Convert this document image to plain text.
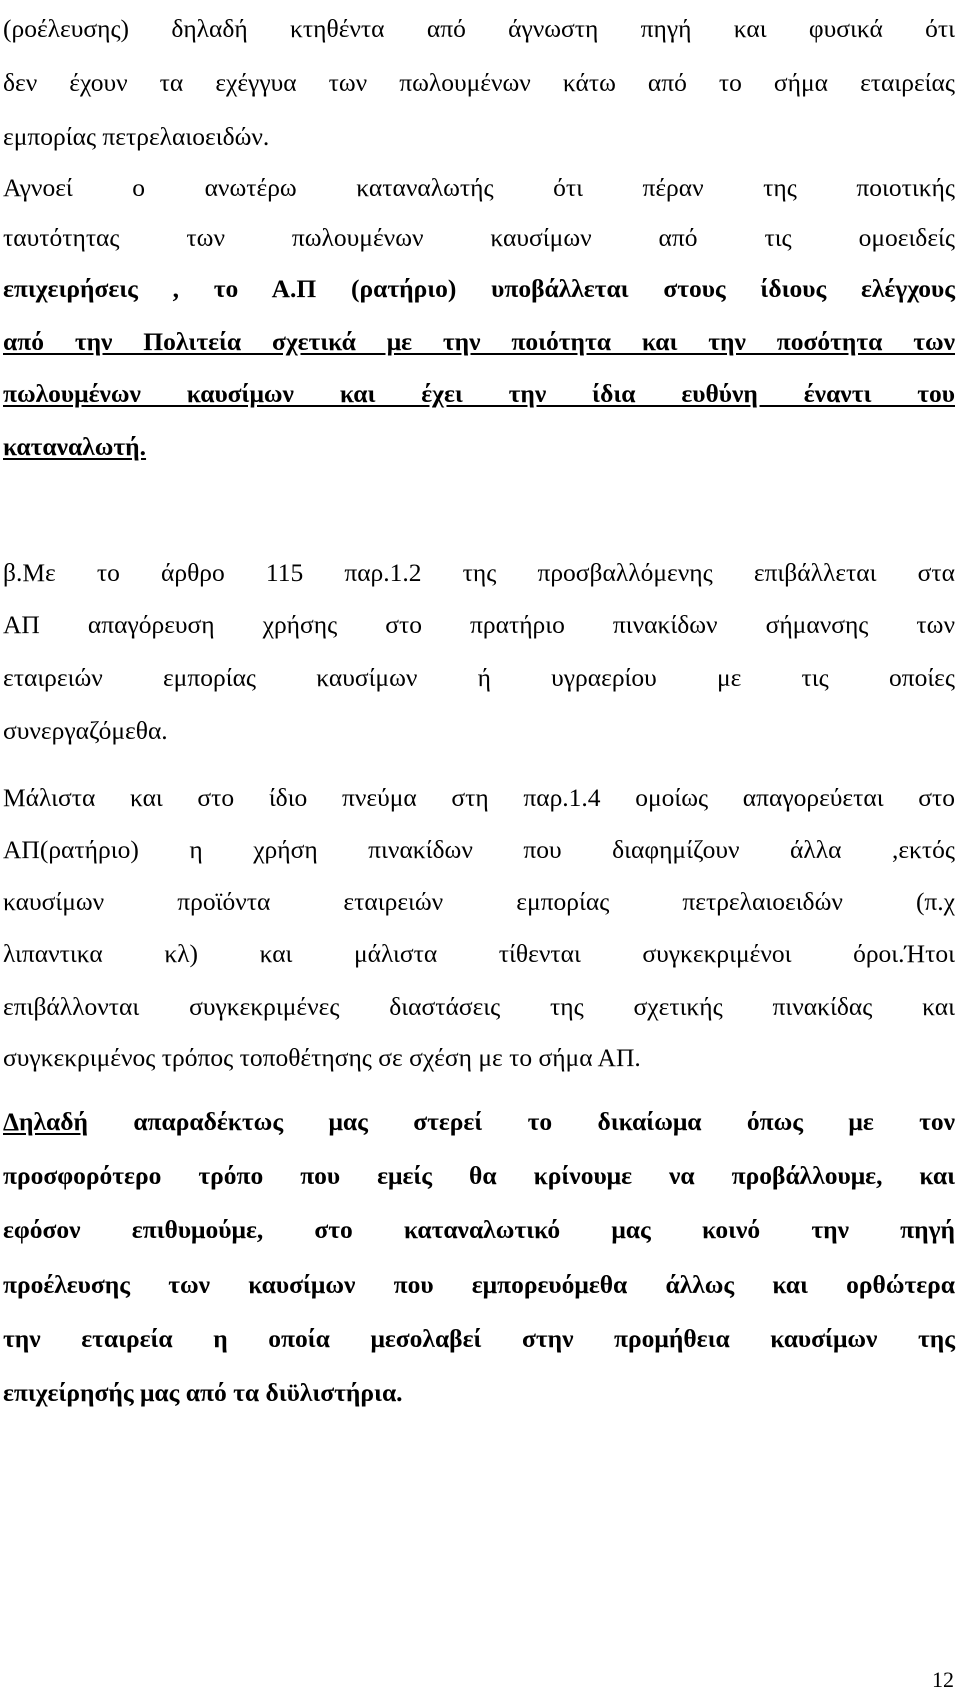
(ροέλευσης) δηλαδή κτηθέντα από άγνωστη πηγή και φυσικά ότι
δεν έχουν τα εχέγγυα των πωλουμένων κάτω από το σήμα εταιρείας
εμπορίας πετρελαιοειδών.
Αγνοεί ο ανωτέρω καταναλωτής ότι πέραν της ποιοτικής
ταυτότητας των πωλουμένων καυσίμων από τις ομοειδείς
επιχειρήσεις , το Α.Π (ρατήριο) υποβάλλεται στους ίδιους ελέγχους
από την Πολιτεία σχετικά με την ποιότητα και την ποσότητα των
πωλουμένων καυσίμων και έχει την ίδια ευθύνη έναντι του
καταναλωτή.
β.Με το άρθρο 115 παρ.1.2 της προσβαλλόμενης επιβάλλεται στα
ΑΠ απαγόρευση χρήσης στο πρατήριο πινακίδων σήμανσης των
εταιρειών εμπορίας καυσίμων ή υγραερίου με τις οποίες
συνεργαζόμεθα.
Μάλιστα και στο ίδιο πνεύμα στη παρ.1.4 ομοίως απαγορεύεται στο
ΑΠ(ρατήριο) η χρήση πινακίδων που διαφημίζουν άλλα ,εκτός
καυσίμων προϊόντα εταιρειών εμπορίας πετρελαιοειδών (π.χ
λιπαντικα κλ) και μάλιστα τίθενται συγκεκριμένοι όροι.Ήτοι
επιβάλλονται συγκεκριμένες διαστάσεις της σχετικής πινακίδας και
συγκεκριμένος τρόπος τοποθέτησης σε σχέση με το σήμα ΑΠ.
Δηλαδή απαραδέκτως μας στερεί το δικαίωμα όπως με τον
προσφορότερο τρόπο που εμείς θα κρίνουμε να προβάλλουμε, και
εφόσον επιθυμούμε, στο καταναλωτικό μας κοινό την πηγή
προέλευσης των καυσίμων που εμπορευόμεθα άλλως και ορθώτερα
την εταιρεία η οποία μεσολαβεί στην προμήθεια καυσίμων της
επιχείρησής μας από τα διϋλιστήρια.
12
